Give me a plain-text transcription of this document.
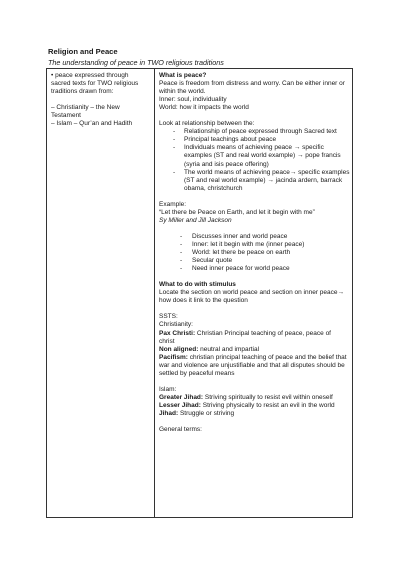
Religion and Peace
The understanding of peace in TWO religious traditions
• peace expressed through
sacred texts for TWO religious
traditions drawn from:
– Christianity – the New
Testament
– Islam – Qur’an and Hadith
What is peace?
Peace is freedom from distress and worry. Can be either inner or
within the world.
Inner: soul, individuality
World: how it impacts the world
Look at relationship between the:
- Relationship of peace expressed through Sacred text
- Principal teachings about peace
- Individuals means of achieving peace → specific
examples (ST and real world example) → pope francis
(syria and isis peace offering)
- The world means of achieving peace→ specific examples
(ST and real world example) → jacinda ardern, barrack
obama, christchurch
Example:
“Let there be Peace on Earth, and let it begin with me”
Sy Miller and Jill Jackson
- Discusses inner and world peace
- Inner: let it begin with me (inner peace)
- World: let there be peace on earth
- Secular quote
- Need inner peace for world peace
What to do with stimulus
Locate the section on world peace and section on inner peace→
how does it link to the question
SSTS:
Christianity:
Pax Christi: Christian Principal teaching of peace, peace of
christ
Non aligned: neutral and impartial
Pacifism: christian principal teaching of peace and the belief that
war and violence are unjustifiable and that all disputes should be
settled by peaceful means
Islam:
Greater Jihad: Striving spiritually to resist evil within oneself
Lesser Jihad: Striving physically to resist an evil in the world
Jihad: Struggle or striving
General terms:
